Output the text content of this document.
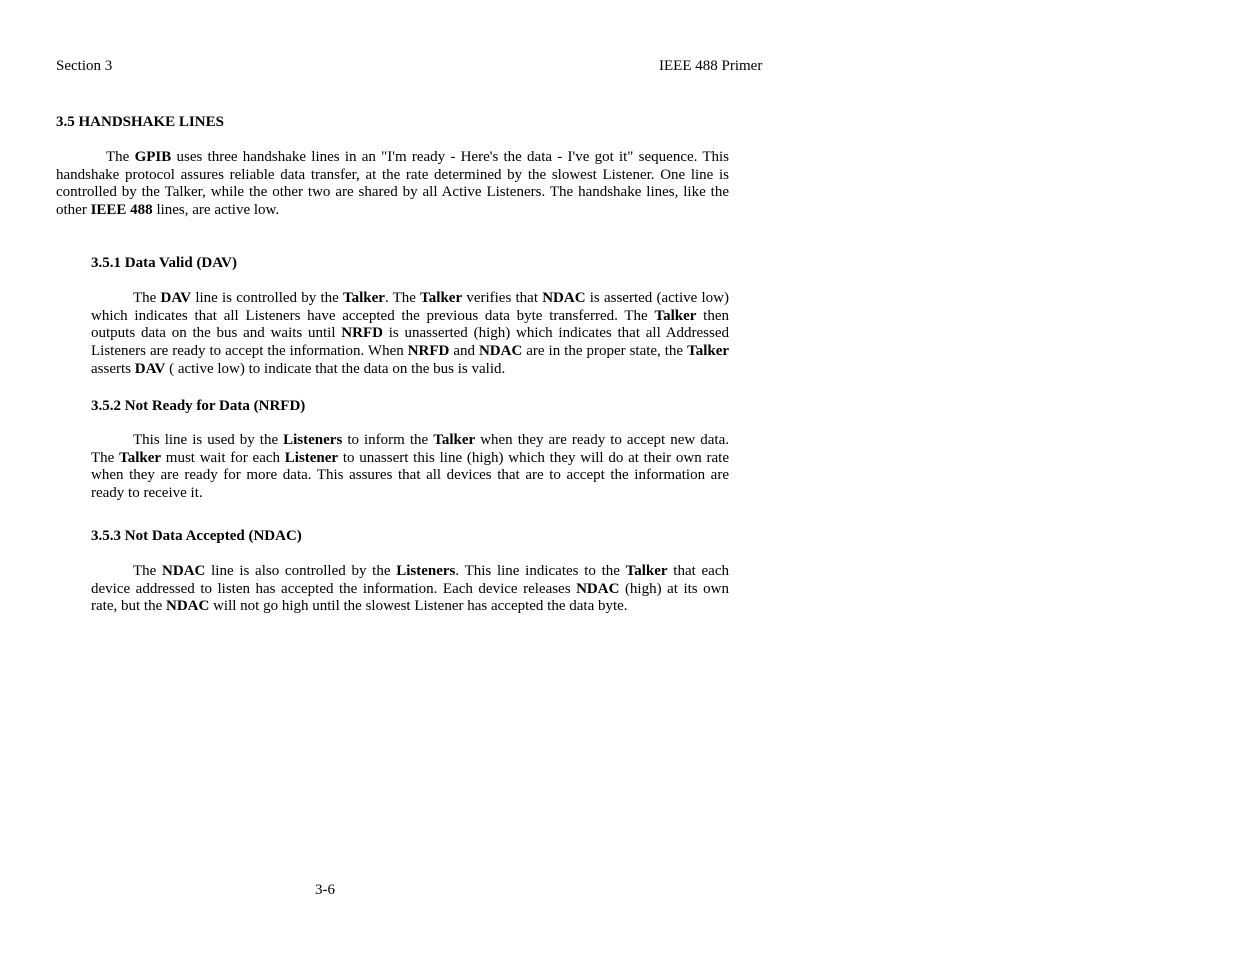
Section 3	IEEE 488 Primer
3.5 HANDSHAKE LINES

The GPIB uses three handshake lines in an "I'm ready - Here's the data - I've got it" sequence. This handshake protocol assures reliable data transfer, at the rate determined by the slowest Listener. One line is controlled by the Talker, while the other two are shared by all Active Listeners. The handshake lines, like the other IEEE 488 lines, are active low.

3.5.1 Data Valid (DAV)

The DAV line is controlled by the Talker. The Talker verifies that NDAC is asserted (active low) which indicates that all Listeners have accepted the previous data byte transferred. The Talker then outputs data on the bus and waits until NRFD is unasserted (high) which indicates that all Addressed Listeners are ready to accept the information. When NRFD and NDAC are in the proper state, the Talker asserts DAV ( active low) to indicate that the data on the bus is valid.

3.5.2 Not Ready for Data (NRFD)

This line is used by the Listeners to inform the Talker when they are ready to accept new data. The Talker must wait for each Listener to unassert this line (high) which they will do at their own rate when they are ready for more data. This assures that all devices that are to accept the information are ready to receive it.

3.5.3 Not Data Accepted (NDAC)

The NDAC line is also controlled by the Listeners. This line indicates to the Talker that each device addressed to listen has accepted the information. Each device releases NDAC (high) at its own rate, but the NDAC will not go high until the slowest Listener has accepted the data byte.

3-6
